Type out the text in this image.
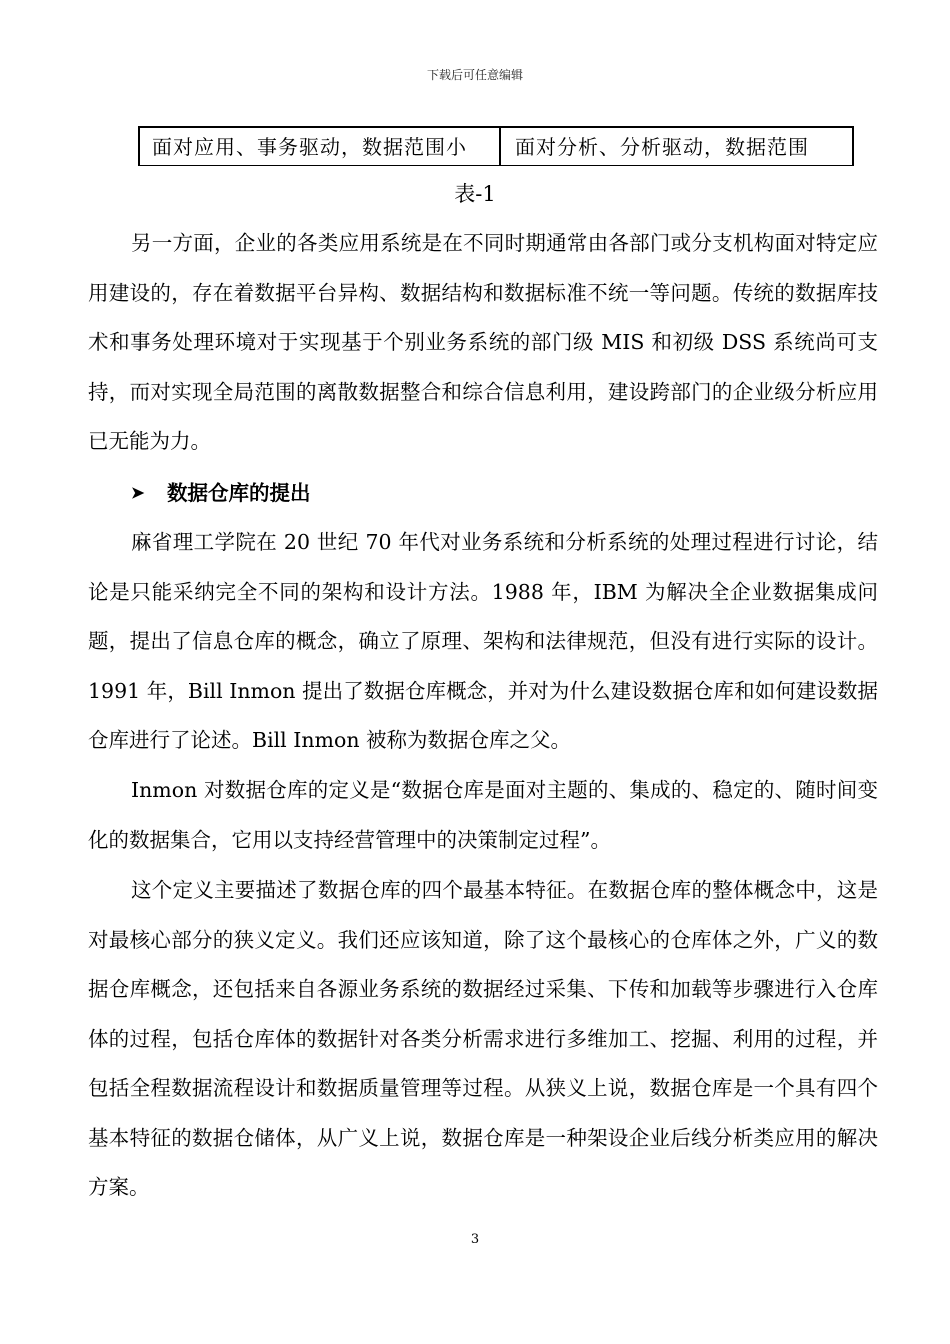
下载后可任意编辑
面对应用、事务驱动，数据范围小	面对分析、分析驱动，数据范围
表-1

另一方面，企业的各类应用系统是在不同时期通常由各部门或分支机构面对特定应用建设的，存在着数据平台异构、数据结构和数据标准不统一等问题。传统的数据库技术和事务处理环境对于实现基于个别业务系统的部门级 MIS 和初级 DSS 系统尚可支持，而对实现全局范围的离散数据整合和综合信息利用，建设跨部门的企业级分析应用已无能为力。

➤	数据仓库的提出

麻省理工学院在 20 世纪 70 年代对业务系统和分析系统的处理过程进行讨论，结论是只能采纳完全不同的架构和设计方法。1988 年，IBM 为解决全企业数据集成问题，提出了信息仓库的概念，确立了原理、架构和法律规范，但没有进行实际的设计。1991 年，Bill Inmon 提出了数据仓库概念，并对为什么建设数据仓库和如何建设数据仓库进行了论述。Bill Inmon 被称为数据仓库之父。

Inmon 对数据仓库的定义是“数据仓库是面对主题的、集成的、稳定的、随时间变化的数据集合，它用以支持经营管理中的决策制定过程”。

这个定义主要描述了数据仓库的四个最基本特征。在数据仓库的整体概念中，这是对最核心部分的狭义定义。我们还应该知道，除了这个最核心的仓库体之外，广义的数据仓库概念，还包括来自各源业务系统的数据经过采集、下传和加载等步骤进行入仓库体的过程，包括仓库体的数据针对各类分析需求进行多维加工、挖掘、利用的过程，并包括全程数据流程设计和数据质量管理等过程。从狭义上说，数据仓库是一个具有四个基本特征的数据仓储体，从广义上说，数据仓库是一种架设企业后线分析类应用的解决方案。

3
